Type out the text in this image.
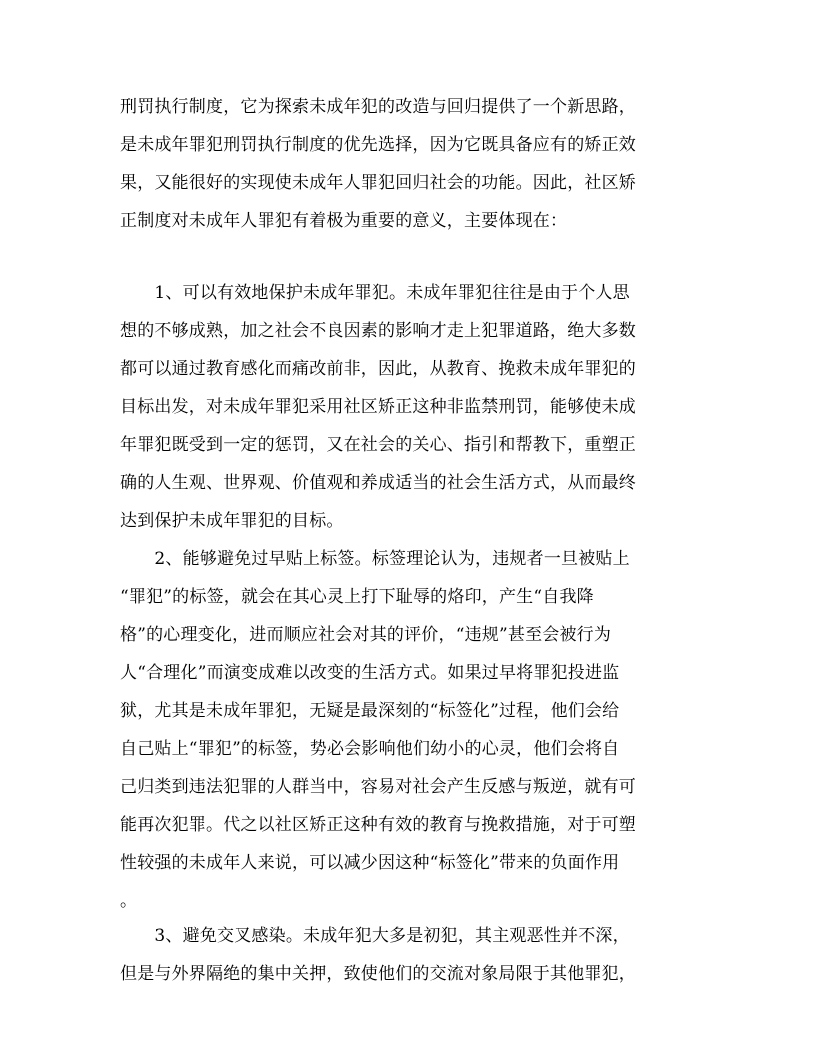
刑罚执行制度，它为探索未成年犯的改造与回归提供了一个新思路，
是未成年罪犯刑罚执行制度的优先选择，因为它既具备应有的矫正效
果，又能很好的实现使未成年人罪犯回归社会的功能。因此，社区矫
正制度对未成年人罪犯有着极为重要的意义，主要体现在：
　　1、可以有效地保护未成年罪犯。未成年罪犯往往是由于个人思
想的不够成熟，加之社会不良因素的影响才走上犯罪道路，绝大多数
都可以通过教育感化而痛改前非，因此，从教育、挽救未成年罪犯的
目标出发，对未成年罪犯采用社区矫正这种非监禁刑罚，能够使未成
年罪犯既受到一定的惩罚，又在社会的关心、指引和帮教下，重塑正
确的人生观、世界观、价值观和养成适当的社会生活方式，从而最终
达到保护未成年罪犯的目标。
　　2、能够避免过早贴上标签。标签理论认为，违规者一旦被贴上
“罪犯”的标签，就会在其心灵上打下耻辱的烙印，产生“自我降
格”的心理变化，进而顺应社会对其的评价，“违规”甚至会被行为
人“合理化”而演变成难以改变的生活方式。如果过早将罪犯投进监
狱，尤其是未成年罪犯，无疑是最深刻的“标签化”过程，他们会给
自己贴上“罪犯”的标签，势必会影响他们幼小的心灵，他们会将自
己归类到违法犯罪的人群当中，容易对社会产生反感与叛逆，就有可
能再次犯罪。代之以社区矫正这种有效的教育与挽救措施，对于可塑
性较强的未成年人来说，可以减少因这种“标签化”带来的负面作用
。
　　3、避免交叉感染。未成年犯大多是初犯，其主观恶性并不深，
但是与外界隔绝的集中关押，致使他们的交流对象局限于其他罪犯，
